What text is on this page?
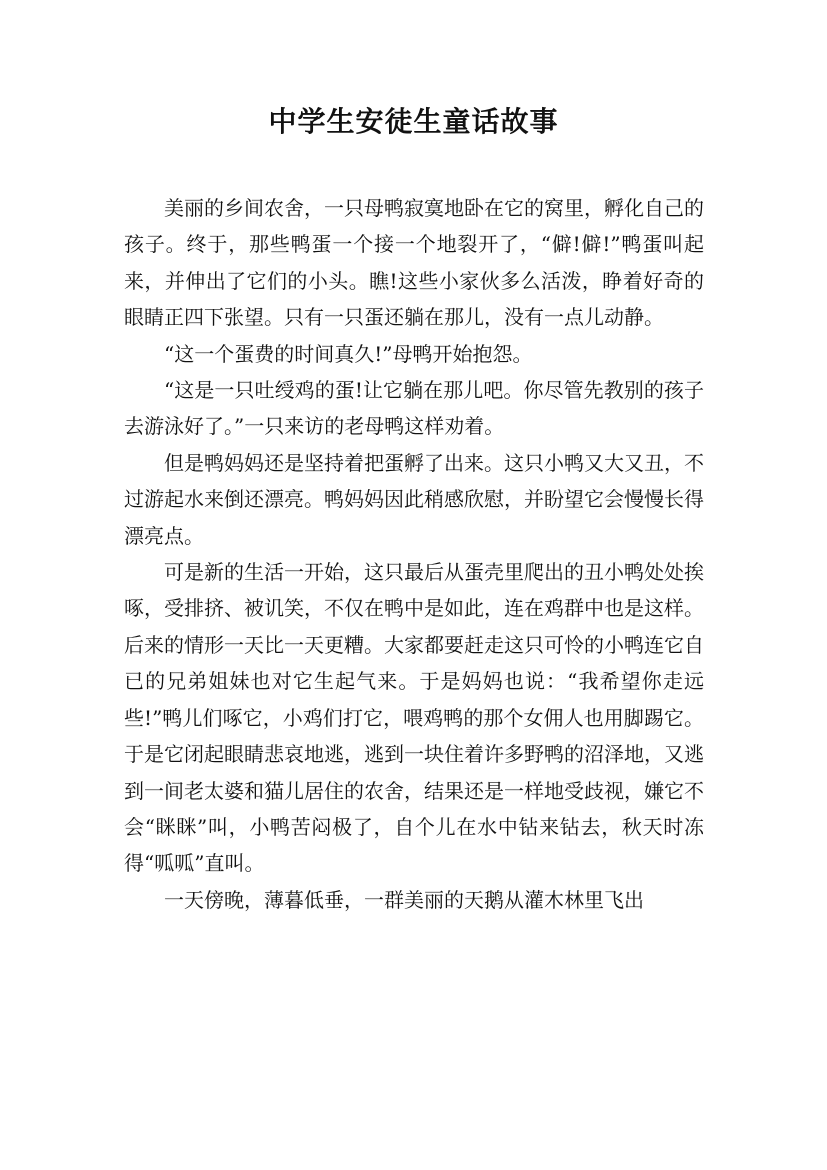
中学生安徒生童话故事

美丽的乡间农舍，一只母鸭寂寞地卧在它的窝里，孵化自己的孩子。终于，那些鸭蛋一个接一个地裂开了，“僻!僻!”鸭蛋叫起来，并伸出了它们的小头。瞧!这些小家伙多么活泼，睁着好奇的眼睛正四下张望。只有一只蛋还躺在那儿，没有一点儿动静。

“这一个蛋费的时间真久!”母鸭开始抱怨。

“这是一只吐绶鸡的蛋!让它躺在那儿吧。你尽管先教别的孩子去游泳好了。”一只来访的老母鸭这样劝着。

但是鸭妈妈还是坚持着把蛋孵了出来。这只小鸭又大又丑，不过游起水来倒还漂亮。鸭妈妈因此稍感欣慰，并盼望它会慢慢长得漂亮点。

可是新的生活一开始，这只最后从蛋壳里爬出的丑小鸭处处挨啄，受排挤、被讥笑，不仅在鸭中是如此，连在鸡群中也是这样。后来的情形一天比一天更糟。大家都要赶走这只可怜的小鸭连它自已的兄弟姐妹也对它生起气来。于是妈妈也说：“我希望你走远些!”鸭儿们啄它，小鸡们打它，喂鸡鸭的那个女佣人也用脚踢它。于是它闭起眼睛悲哀地逃，逃到一块住着许多野鸭的沼泽地，又逃到一间老太婆和猫儿居住的农舍，结果还是一样地受歧视，嫌它不会“眯眯”叫，小鸭苦闷极了，自个儿在水中钻来钻去，秋天时冻得“呱呱”直叫。

一天傍晚，薄暮低垂，一群美丽的天鹅从灌木林里飞出
